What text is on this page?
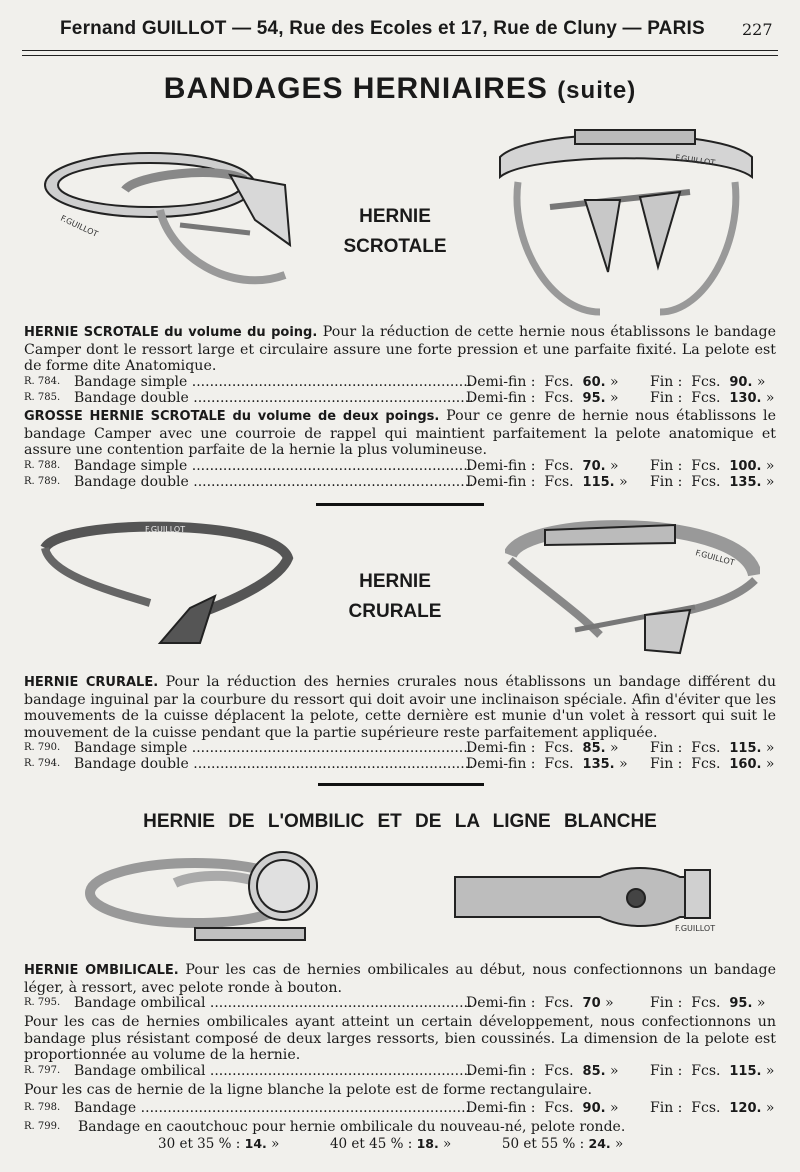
Fernand GUILLOT — 54, Rue des Ecoles et 17, Rue de Cluny — PARIS 227
BANDAGES HERNIAIRES (suite)
F.GUILLOT	HERNIE
SCROTALE
F.GUILLOT
HERNIE SCROTALE du volume du poing. Pour la réduction de cette hernie nous établissons le bandage Camper dont le ressort large et circulaire assure une forte pression et une parfaite fixité. La pelote est de forme dite Anatomique.
R. 784. Bandage simple .....	Demi-fin : Fcs. 60. » Fin : Fcs. 90. »
R. 785. Bandage double .....	Demi-fin : Fcs. 95. » Fin : Fcs. 130. »
GROSSE HERNIE SCROTALE du volume de deux poings. Pour ce genre de hernie nous établissons le bandage Camper avec une courroie de rappel qui maintient parfaitement la pelote anatomique et assure une contention parfaite de la hernie la plus volumineuse.
R. 788. Bandage simple .....	Demi-fin : Fcs. 70. » Fin : Fcs. 100. »
R. 789. Bandage double .....	Demi-fin : Fcs. 115. » Fin : Fcs. 135. »
F.GUILLOT
HERNIE
CRURALE
F.GUILLOT
HERNIE CRURALE. Pour la réduction des hernies crurales nous établissons un bandage différent du bandage inguinal par la courbure du ressort qui doit avoir une inclinaison spéciale. Afin d'éviter que les mouvements de la cuisse déplacent la pelote, cette dernière est munie d'un volet à ressort qui suit le mouvement de la cuisse pendant que la partie supérieure reste parfaitement appliquée.
R. 790. Bandage simple .....	Demi-fin : Fcs. 85. » Fin : Fcs. 115. »
R. 794. Bandage double .....	Demi-fin : Fcs. 135. » Fin : Fcs. 160. »
HERNIE DE L'OMBILIC ET DE LA LIGNE BLANCHE
F.GUILLOT
HERNIE OMBILICALE. Pour les cas de hernies ombilicales au début, nous confectionnons un bandage léger, à ressort, avec pelote ronde à bouton.
R. 795. Bandage ombilical .....	Demi-fin : Fcs. 70 »	Fin : Fcs. 95. »
Pour les cas de hernies ombilicales ayant atteint un certain développement, nous confectionnons un bandage plus résistant composé de deux larges ressorts, bien coussinés. La dimension de la pelote est proportionnée au volume de la hernie.
R. 797. Bandage ombilical .....	Demi-fin : Fcs. 85. » Fin : Fcs. 115. »
Pour les cas de hernie de la ligne blanche la pelote est de forme rectangulaire.
R. 798. Bandage .....	Demi-fin : Fcs. 90. » Fin : Fcs. 120. »
R. 799. Bandage en caoutchouc pour hernie ombilicale du nouveau-né, pelote ronde.
30 et 35 % : 14. »	40 et 45 % : 18. »	50 et 55 % : 24. »
